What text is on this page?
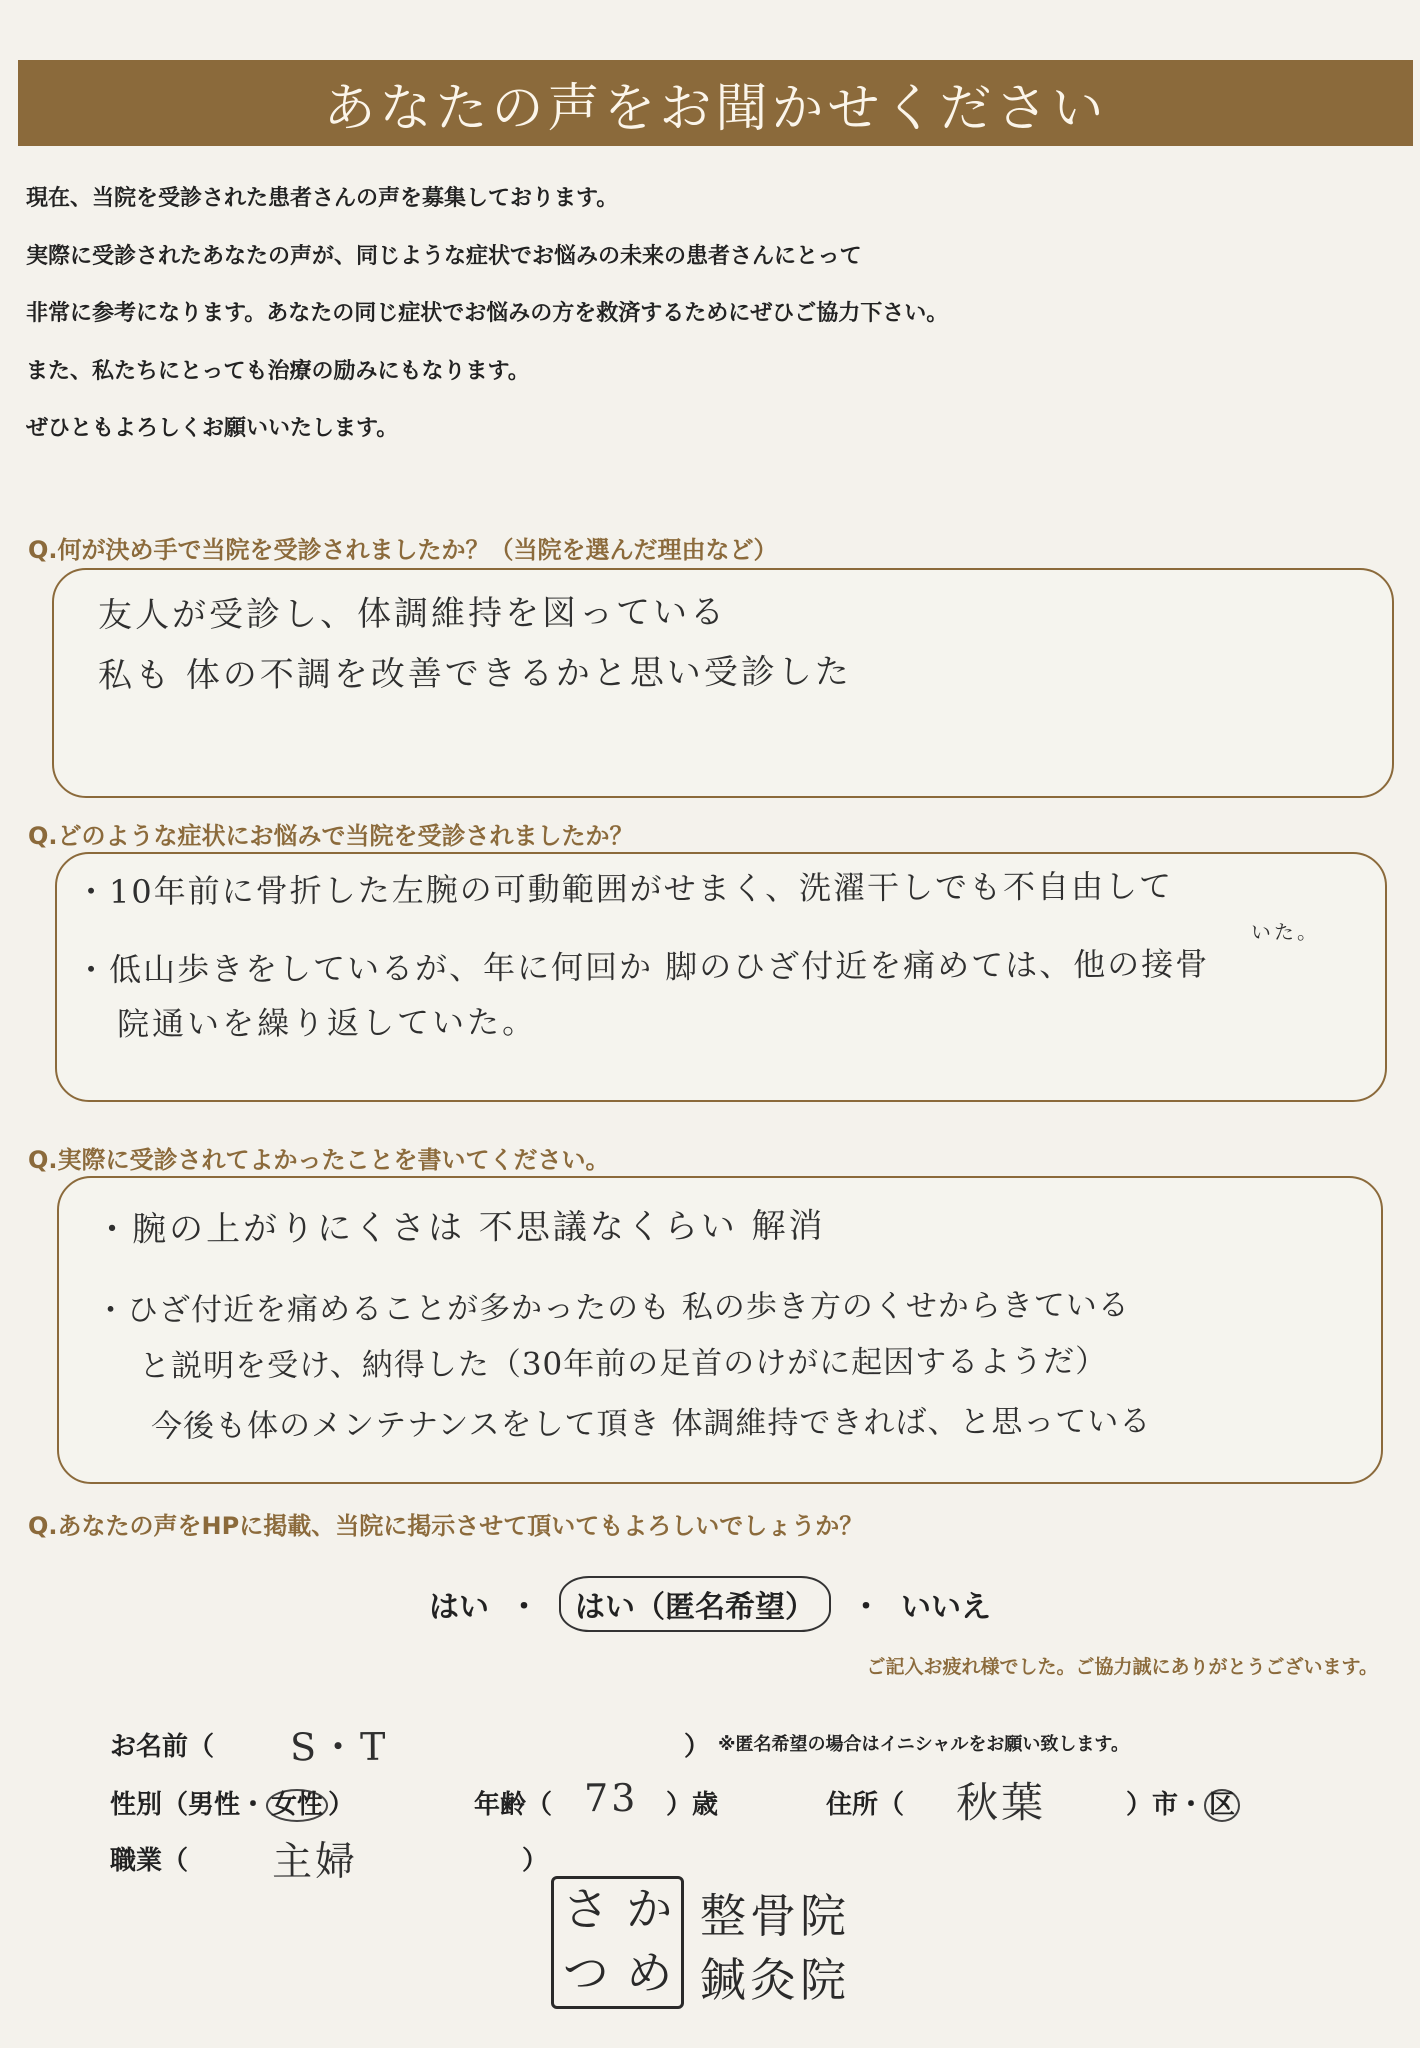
あなたの声をお聞かせください

現在、当院を受診された患者さんの声を募集しております。

実際に受診されたあなたの声が、同じような症状でお悩みの未来の患者さんにとって

非常に参考になります。あなたの同じ症状でお悩みの方を救済するためにぜひご協力下さい。

また、私たちにとっても治療の励みにもなります。

ぜひともよろしくお願いいたします。

Q.何が決め手で当院を受診されましたか？（当院を選んだ理由など）
友人が受診し、体調維持を図っている
私も 体の不調を改善できるかと思い受診した
Q.どのような症状にお悩みで当院を受診されましたか？
・10年前に骨折した左腕の可動範囲がせまく、洗濯干しでも不自由して
いた。
・低山歩きをしているが、年に何回か 脚のひざ付近を痛めては、他の接骨
院通いを繰り返していた。
Q.実際に受診されてよかったことを書いてください。
・腕の上がりにくさは 不思議なくらい 解消
・ひざ付近を痛めることが多かったのも 私の歩き方のくせからきている
と説明を受け、納得した（30年前の足首のけがに起因するようだ）
今後も体のメンテナンスをして頂き 体調維持できれば、と思っている
Q.あなたの声をHPに掲載、当院に掲示させて頂いてもよろしいでしょうか？
はい ・	はい（匿名希望）	・ いいえ
ご記入お疲れ様でした。ご協力誠にありがとうございます。
お名前（ S・T	） ※匿名希望の場合はイニシャルをお願い致します。
性別（男性・ 女性 ）	年齢（ 73 ）歳	住所（ 秋葉	）市・ 区
職業（ 主婦	）
さ か
つ め
整骨院
鍼灸院
